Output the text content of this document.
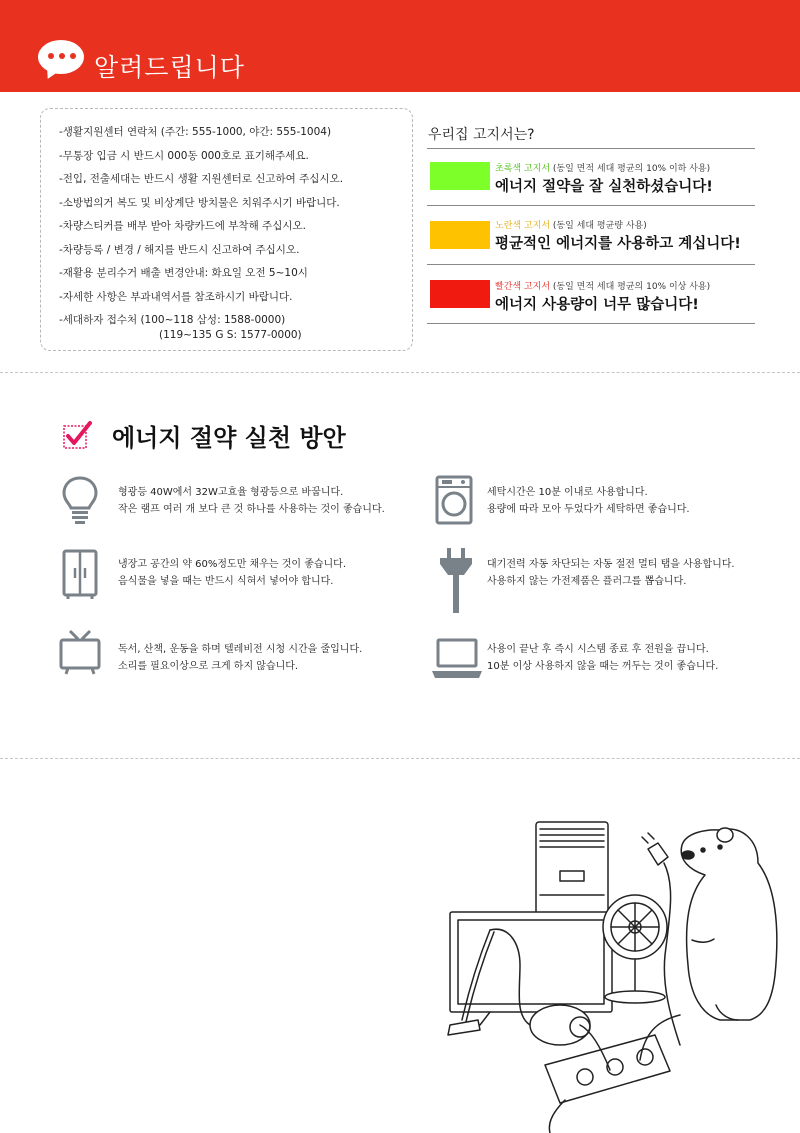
알려드립니다
-생활지원센터 연락처 (주간: 555-1000, 야간: 555-1004)
-무통장 입금 시 반드시 000동 000호로 표기해주세요.
-전입, 전출세대는 반드시 생활 지원센터로 신고하여 주십시오.
-소방법의거 복도 및 비상계단 방치물은 치워주시기 바랍니다.
-차량스티커를 배부 받아 차량카드에 부착해 주십시오.
-차량등록 / 변경 / 해지를 반드시 신고하여 주십시오.
-재활용 분리수거 배출 변경안내: 화요일 오전 5~10시
-자세한 사항은 부과내역서를 참조하시기 바랍니다.
-세대하자 접수처 (100~118 삼성: 1588-0000)
(119~135 G S: 1577-0000)
우리집 고지서는?
초록색 고지서 (동일 면적 세대 평균의 10% 이하 사용)
에너지 절약을 잘 실천하셨습니다!
노란색 고지서 (동일 세대 평균량 사용)
평균적인 에너지를 사용하고 계십니다!
빨간색 고지서 (동일 면적 세대 평균의 10% 이상 사용)
에너지 사용량이 너무 많습니다!
에너지 절약 실천 방안
형광등 40W에서 32W고효율 형광등으로 바꿉니다.
작은 램프 여러 개 보다 큰 것 하나를 사용하는 것이 좋습니다.
세탁시간은 10분 이내로 사용합니다.
용량에 따라 모아 두었다가 세탁하면 좋습니다.
냉장고 공간의 약 60%정도만 채우는 것이 좋습니다.
음식물을 넣을 때는 반드시 식혀서 넣어야 합니다.
대기전력 자동 차단되는 자동 절전 멀티 탭을 사용합니다.
사용하지 않는 가전제품은 플러그를 뽑습니다.
독서, 산책, 운동을 하며 텔레비전 시청 시간을 줄입니다.
소리를 필요이상으로 크게 하지 않습니다.
사용이 끝난 후 즉시 시스템 종료 후 전원을 끕니다.
10분 이상 사용하지 않을 때는 꺼두는 것이 좋습니다.
